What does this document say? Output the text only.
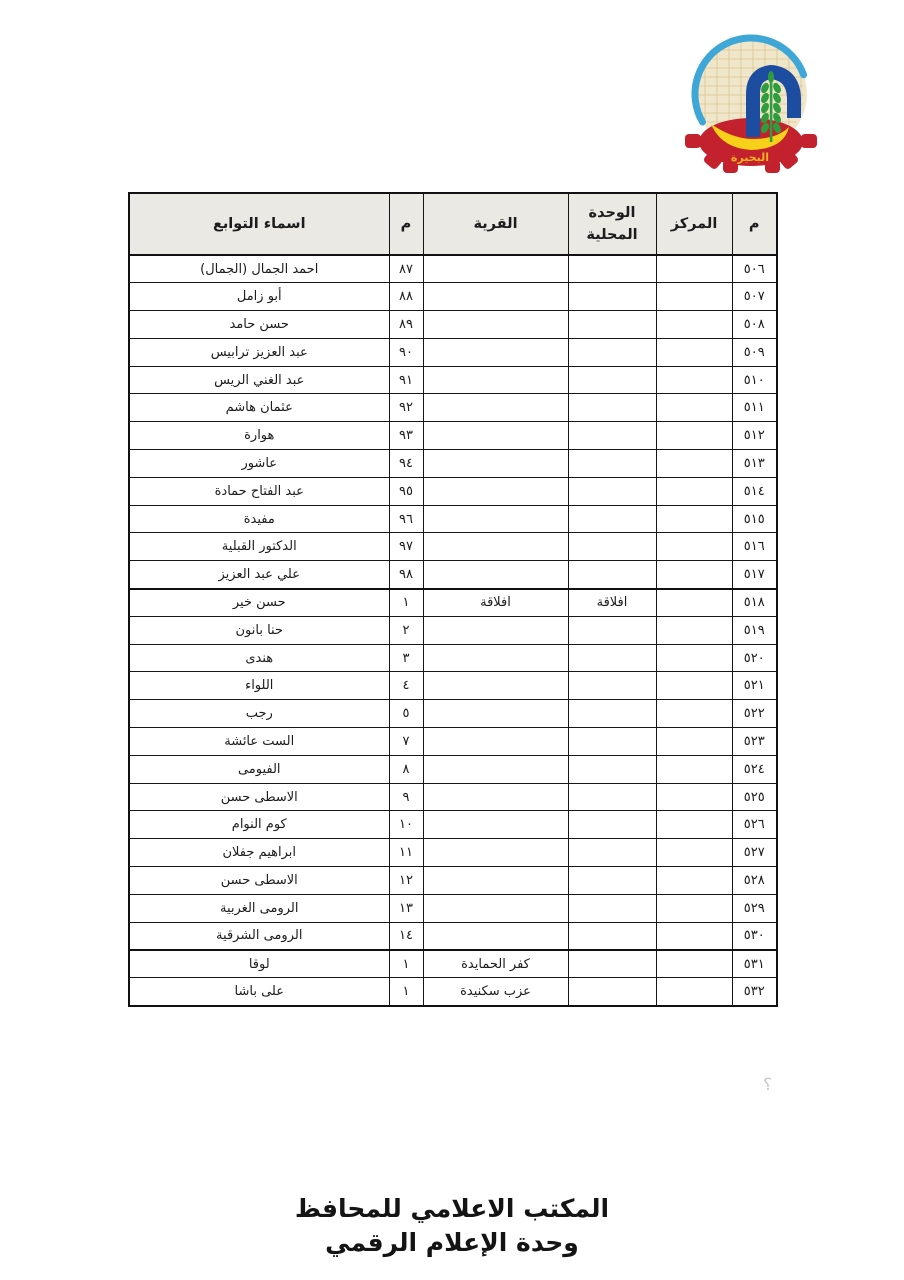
البحيرة
م	المركز	الوحدة المحلية	القرية	م	اسماء التوابع
٥٠٦				٨٧	احمد الجمال (الجمال)
٥٠٧				٨٨	أبو زامل
٥٠٨				٨٩	حسن حامد
٥٠٩				٩٠	عبد العزيز ترابيس
٥١٠				٩١	عبد الغني الريس
٥١١				٩٢	عثمان هاشم
٥١٢				٩٣	هوارة
٥١٣				٩٤	عاشور
٥١٤				٩٥	عبد الفتاح حمادة
٥١٥				٩٦	مفيدة
٥١٦				٩٧	الدكتور القبلية
٥١٧				٩٨	علي عبد العزيز
٥١٨		افلاقة	افلاقة	١	حسن خير
٥١٩				٢	حنا بانون
٥٢٠				٣	هندى
٥٢١				٤	اللواء
٥٢٢				٥	رجب
٥٢٣				٧	الست عائشة
٥٢٤				٨	الفيومى
٥٢٥				٩	الاسطى حسن
٥٢٦				١٠	كوم النوام
٥٢٧				١١	ابراهيم جفلان
٥٢٨				١٢	الاسطى حسن
٥٢٩				١٣	الرومى الغربية
٥٣٠				١٤	الرومى الشرقية
٥٣١			كفر الحمايدة	١	لوقا
٥٣٢			عزب سكنيدة	١	على باشا
؟
المكتب الاعلامي للمحافظ
وحدة الإعلام الرقمي
